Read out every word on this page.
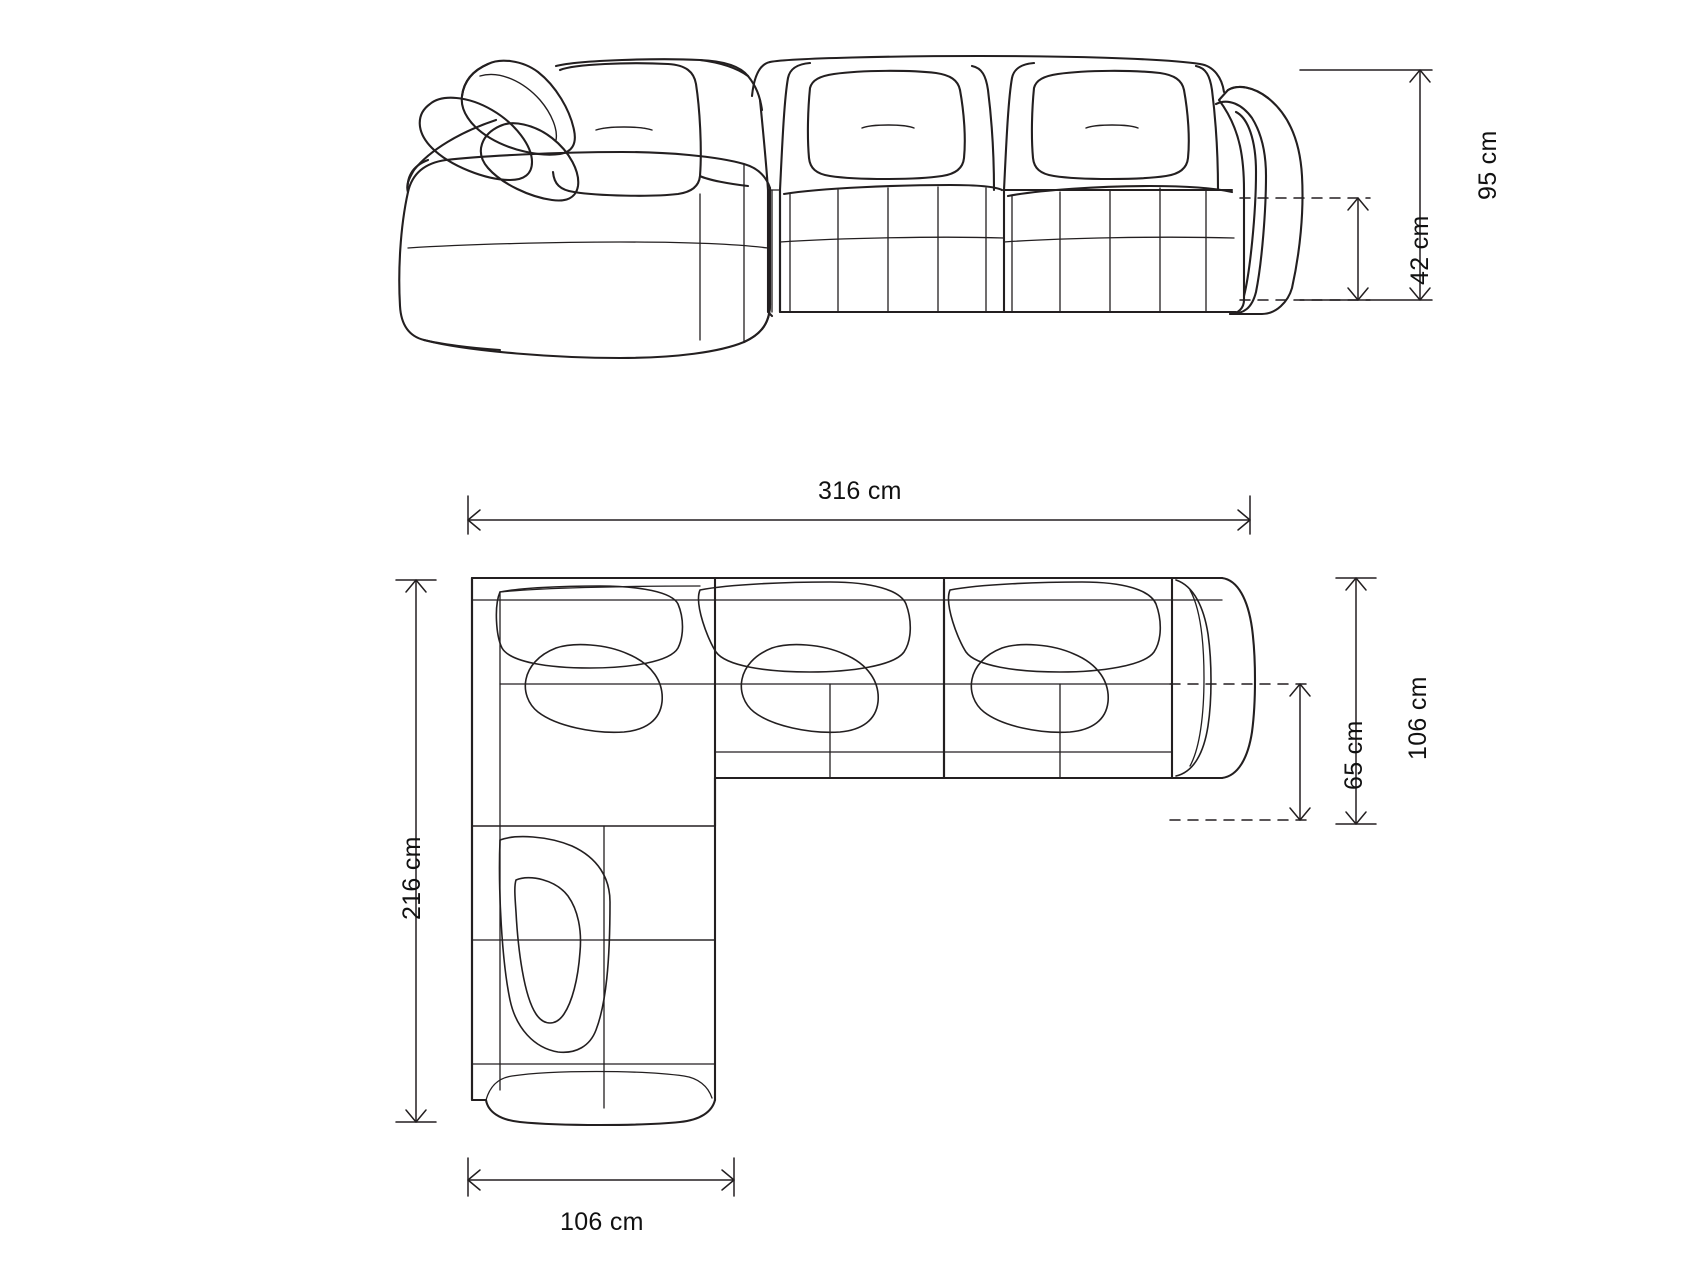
95 cm
42 cm
316 cm
216 cm
106 cm
65 cm
106 cm
